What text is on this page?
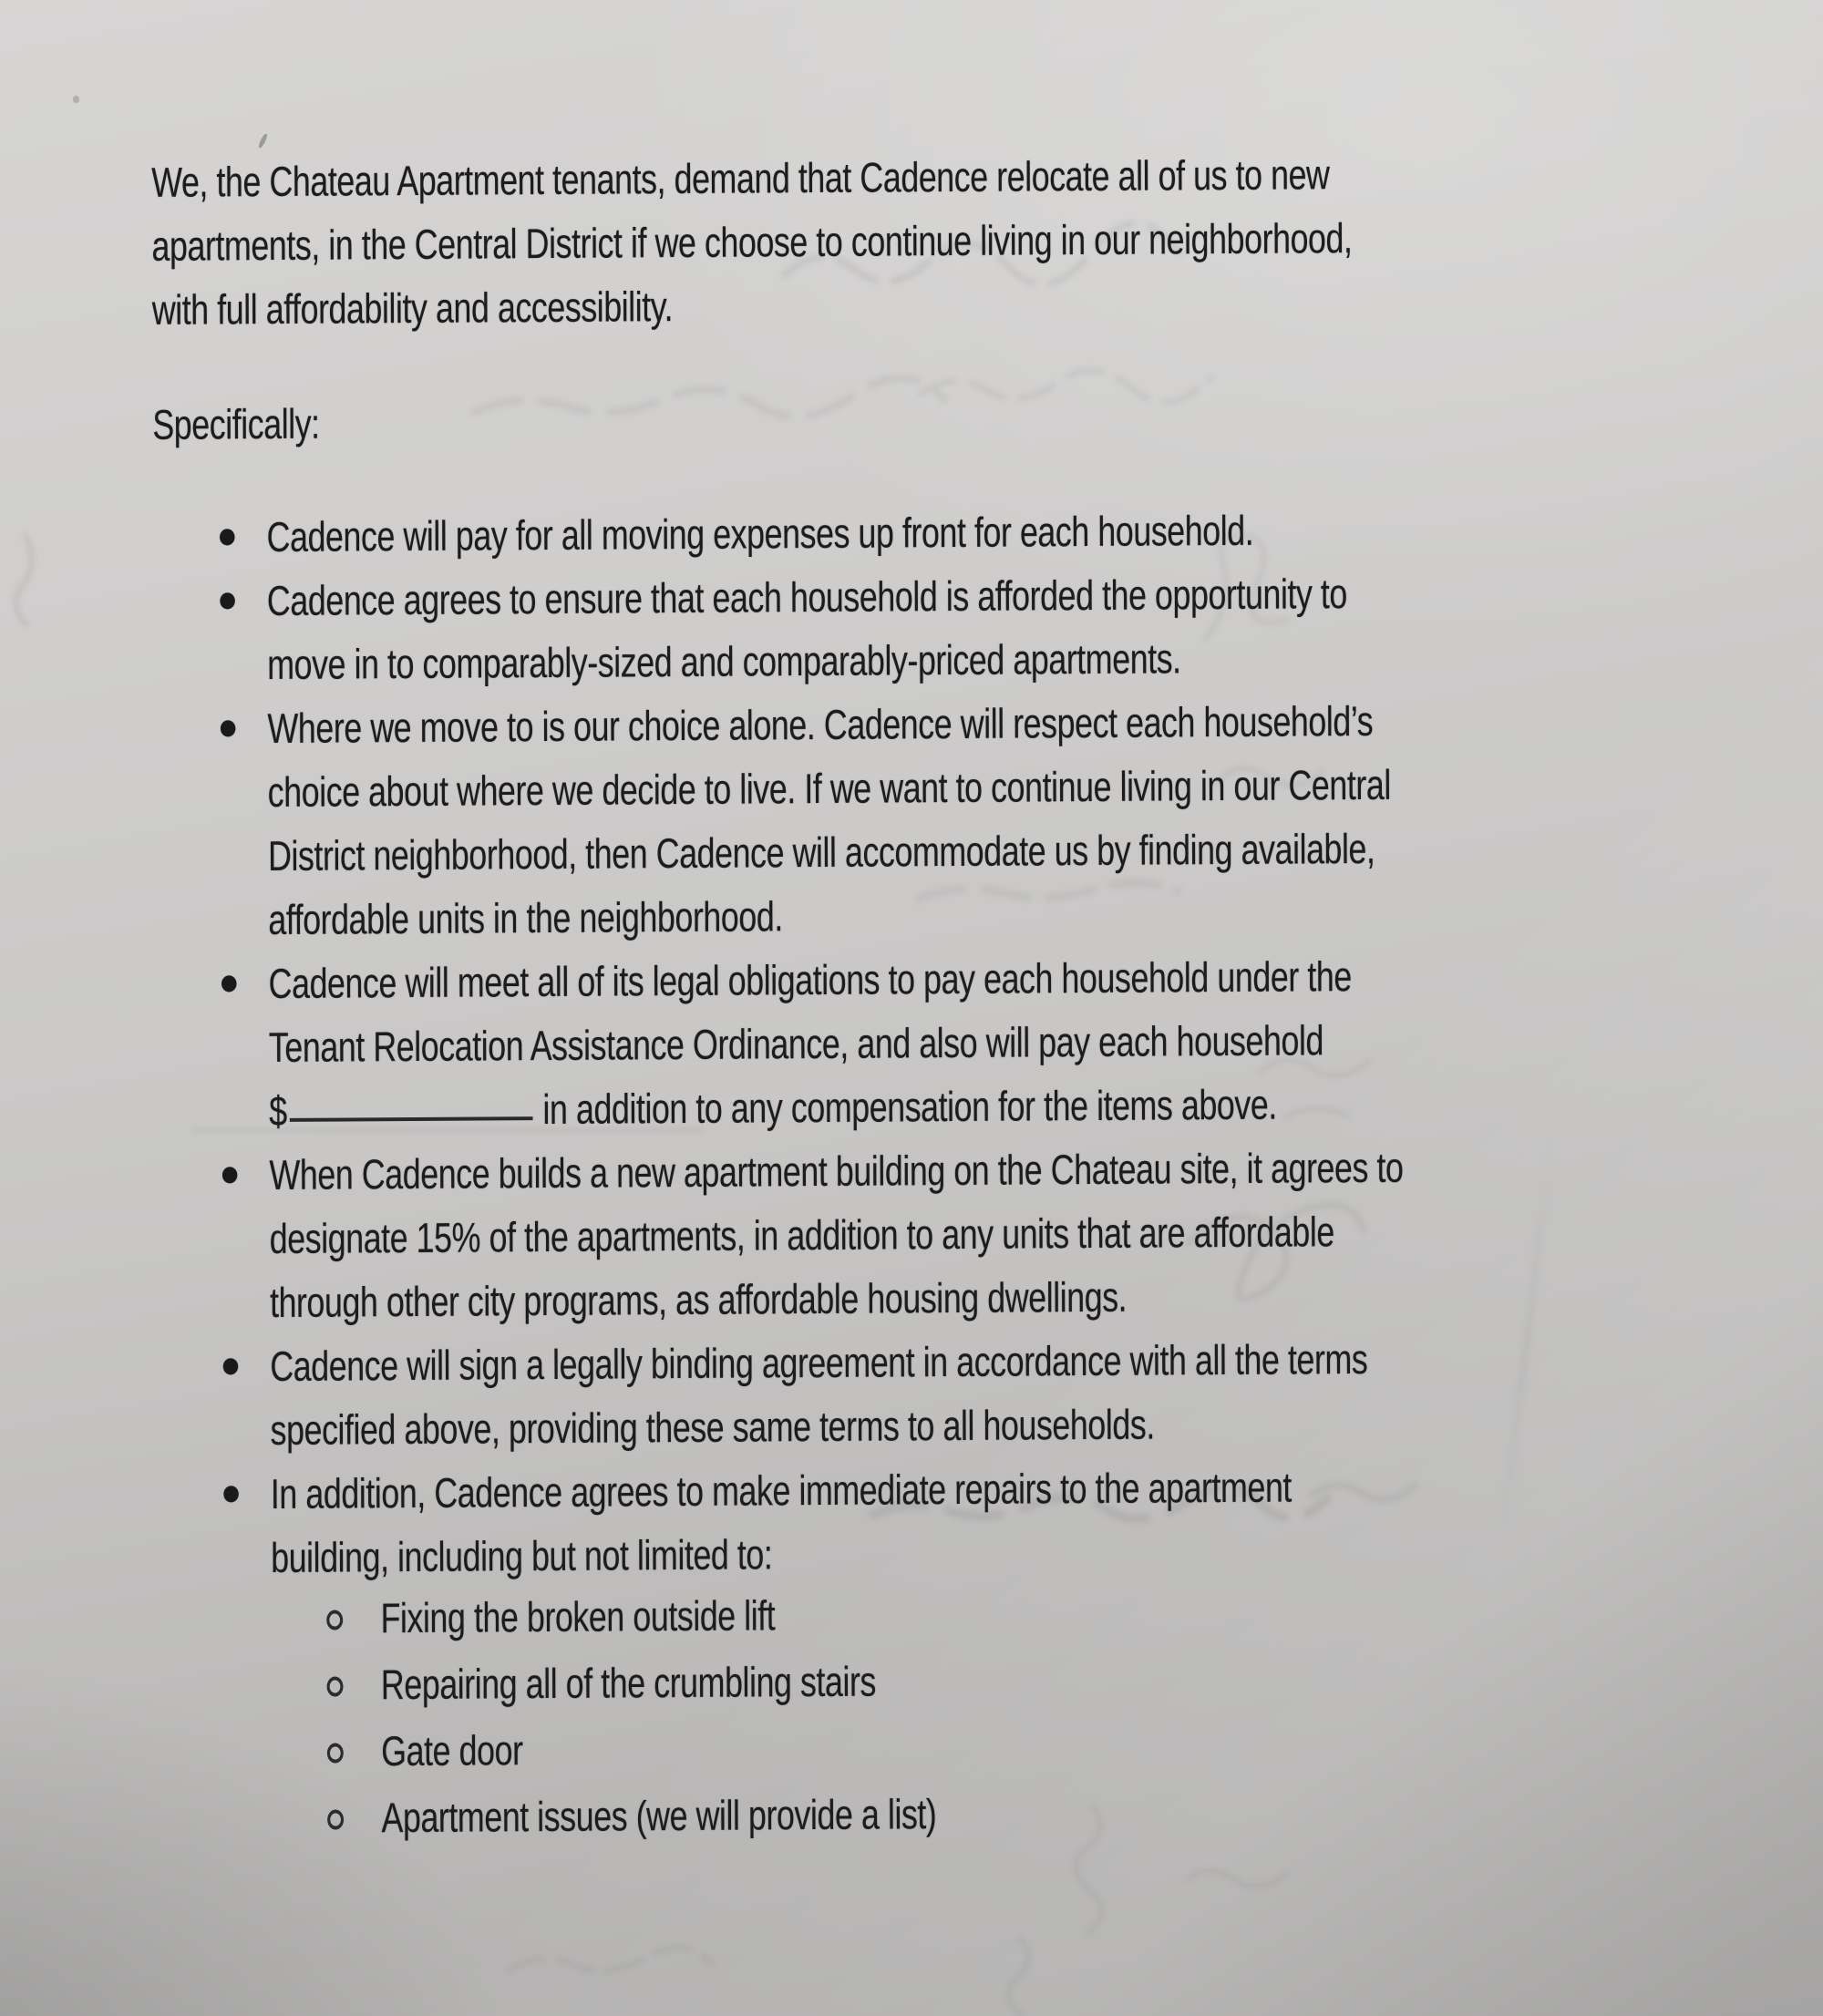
We, the Chateau Apartment tenants, demand that Cadence relocate all of us to new
apartments, in the Central District if we choose to continue living in our neighborhood,
with full affordability and accessibility.

Specifically:

Cadence will pay for all moving expenses up front for each household.
Cadence agrees to ensure that each household is afforded the opportunity to
move in to comparably-sized and comparably-priced apartments.
Where we move to is our choice alone. Cadence will respect each household’s
choice about where we decide to live. If we want to continue living in our Central
District neighborhood, then Cadence will accommodate us by finding available,
affordable units in the neighborhood.
Cadence will meet all of its legal obligations to pay each household under the
Tenant Relocation Assistance Ordinance, and also will pay each household
$	in addition to any compensation for the items above.
When Cadence builds a new apartment building on the Chateau site, it agrees to
designate 15% of the apartments, in addition to any units that are affordable
through other city programs, as affordable housing dwellings.
Cadence will sign a legally binding agreement in accordance with all the terms
specified above, providing these same terms to all households.
In addition, Cadence agrees to make immediate repairs to the apartment
building, including but not limited to:
Fixing the broken outside lift
Repairing all of the crumbling stairs
Gate door
Apartment issues (we will provide a list)
